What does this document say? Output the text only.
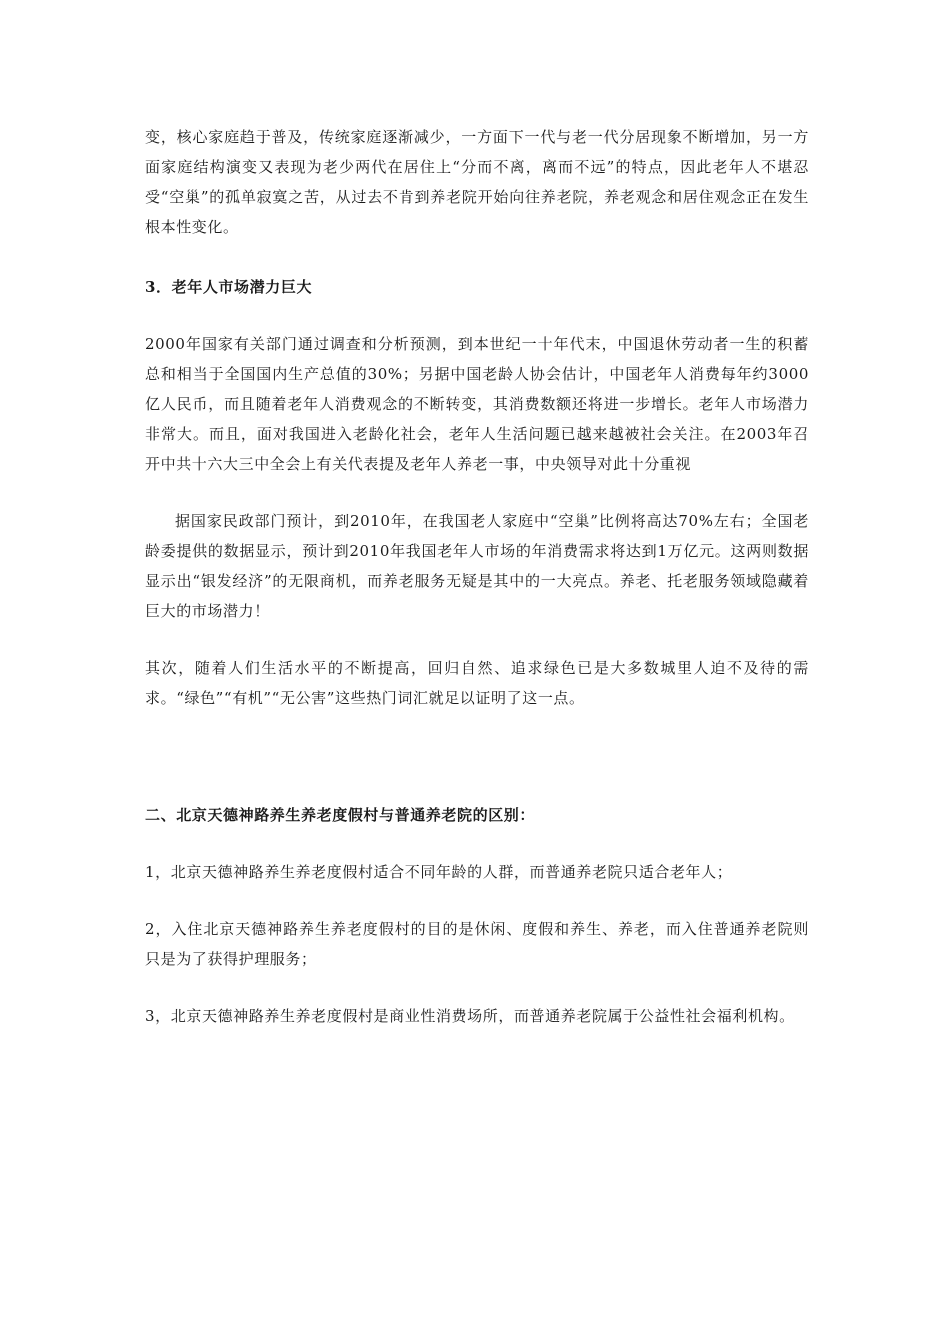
变，核心家庭趋于普及，传统家庭逐渐减少，一方面下一代与老一代分居现象不断增加，另一方面家庭结构演变又表现为老少两代在居住上“分而不离，离而不远”的特点，因此老年人不堪忍受“空巢”的孤单寂寞之苦，从过去不肯到养老院开始向往养老院，养老观念和居住观念正在发生根本性变化。

3．老年人市场潜力巨大

2000年国家有关部门通过调查和分析预测，到本世纪一十年代末，中国退休劳动者一生的积蓄总和相当于全国国内生产总值的30%；另据中国老龄人协会估计，中国老年人消费每年约3000亿人民币，而且随着老年人消费观念的不断转变，其消费数额还将进一步增长。老年人市场潜力非常大。而且，面对我国进入老龄化社会，老年人生活问题已越来越被社会关注。在2003年召开中共十六大三中全会上有关代表提及老年人养老一事，中央领导对此十分重视

据国家民政部门预计，到2010年，在我国老人家庭中“空巢”比例将高达70%左右；全国老龄委提供的数据显示，预计到2010年我国老年人市场的年消费需求将达到1万亿元。这两则数据显示出“银发经济”的无限商机，而养老服务无疑是其中的一大亮点。养老、托老服务领域隐藏着巨大的市场潜力！

其次，随着人们生活水平的不断提高，回归自然、追求绿色已是大多数城里人迫不及待的需求。“绿色”“有机”“无公害”这些热门词汇就足以证明了这一点。

二、北京天德神路养生养老度假村与普通养老院的区别：

1，北京天德神路养生养老度假村适合不同年龄的人群，而普通养老院只适合老年人；

2，入住北京天德神路养生养老度假村的目的是休闲、度假和养生、养老，而入住普通养老院则只是为了获得护理服务；

3，北京天德神路养生养老度假村是商业性消费场所，而普通养老院属于公益性社会福利机构。
